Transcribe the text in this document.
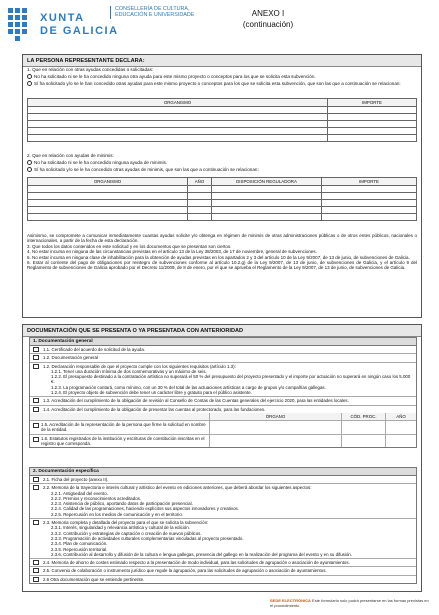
XUNTA
DE GALICIA
CONSELLERÍA DE CULTURA, EDUCACIÓN E UNIVERSIDADE	ANEXO I
(continuación)
LA PERSONA REPRESENTANTE DECLARA:
1. Que en relación con otras ayudas concedidas o solicitadas:
No ha solicitado ni se le ha concedido ninguna otra ayuda para este mismo proyecto o conceptos para los que se solicita esta subvención.
Sí ha solicitado y/o se le han concedido otras ayudas para este mismo proyecto o conceptos para los que se solicita esta subvención, que son las que a continuación se relacionan:
ORGANISMO	IMPORTE

2. Que en relación con ayudas de minimis:
No ha solicitado ni se le ha concedido ninguna ayuda de minimis.
Sí ha solicitado y/o se le ha concedido otras ayudas de minimis, que son las que a continuación se relacionan:
ORGANISMO	AÑO	DISPOSICIÓN REGULADORA	IMPORTE

Asimismo, se compromete a comunicar inmediatamente cuantas ayudas solicite y/o obtenga en régimen de minimis de otras administraciones públicas o de otros entes públicos, nacionales o internacionales, a partir de la fecha de esta declaración.

3. Que todos los datos contenidos en este solicitud y en los documentos que se presentan son ciertos.

4. No estar incursa en ninguna de las circunstancias previstas en el artículo 13 de la Ley 38/2003, de 17 de noviembre, general de subvenciones.

5. No estar incursa en ninguna clase de inhabilitación para la obtención de ayudas previstas en los apartados 2 y 3 del artículo 10 de la Ley 9/2007, de 13 de junio, de subvenciones de Galicia.

6. Estar al corriente del pago de obligaciones por reintegro de subvenciones conforme al artículo 10.2.g) de la Ley 9/2007, de 13 de junio, de subvenciones de Galicia, y el artículo 9 del Reglamento de subvenciones de Galicia aprobado por el Decreto 11/2009, de 8 de enero, por el que se aprueba el Reglamento de la Ley 9/2007, de 13 de junio, de subvenciones de Galicia.

DOCUMENTACIÓN QUE SE PRESENTA O YA PRESENTADA CON ANTERIORIDAD
1. Documentación general
1.1. Certificado del acuerdo de solicitud de la ayuda.
1.2. Documentación general
1.2. Declaración responsable de que el proyecto cumple con los siguientes requisitos (artículo 1.3):
1.2.1. Tener una duración mínima de dos conmemorativas y un máximo de seis.
1.2.2. El presupuesto destinado a la contratación artística no superará el 50 % del presupuesto del proyecto presentado y el importe por actuación no superará en ningún caso los 5.000 €.
1.2.3. La programación contará, como mínimo, con un 30 % del total de las actuaciones artísticas a cargo de grupos y/o compañías gallegas.
1.2.4. El proyecto objeto de subvención debe tener un carácter libre y gratuito para el público asistente.
1.3. Acreditación del cumplimiento de la obligación de revisión al Consello de Contas de las Cuentas generales del ejercicio 2020, para las entidades locales.
1.4. Acreditación del cumplimiento de la obligación de presentar las cuentas al protectorado, para las fundaciones.
ÓRGANO	CÓD. PROC.	AÑO
1.5. Acreditación de la representación de la persona que firme la solicitud en nombre de la entidad.
1.6. Estatutos registrados de la institución y escrituras de constitución inscritas en el registro que corresponda.
2. Documentación específica
2.1. Ficha del proyecto (anexo II).
2.2. Memoria de la trayectoria e interés cultural y artístico del evento en ediciones anteriores, que deberá abordar los siguientes aspectos:
2.2.1. Antigüedad del evento.
2.2.2. Premios y reconocimientos acreditados.
2.2.3. Asistencia de público, aportando datos de participación presencial.
2.2.4. Calidad de las programaciones, haciendo explícitos sus aspectos innovadores y creativos.
2.2.5. Repercusión en los medios de comunicación y en el territorio.
2.3. Memoria completa y detallada del proyecto para el que se solicita la subvención:
2.3.1. Interés, singularidad y relevancia artística y cultural de la edición.
2.3.2. Contribución y estrategias de captación o creación de nuevos públicos.
2.3.3. Programación de actividades culturales complementarias vinculadas al proyecto presentado.
2.3.4. Plan de comunicación.
2.3.5. Repercusión territorial.
2.3.6. Contribución al desarrollo y difusión de la cultura e lengua gallegas, presencia del gallego en la realización del programa del evento y en su difusión.
2.4. Memoria de ahorro de costes estimado respecto a la presentación de modo individual, para las solicitudes de agrupación o asociación de ayuntamientos.
2.5. Convenio de colaboración o instrumento jurídico que regule la agrupación, para las solicitudes de agrupación o asociación de ayuntamientos.
2.6 Otra documentación que se entiende pertinente.
SEDE ELECTRÓNICA Este formulario solo podrá presentarse en las formas previstas en el procedimiento
